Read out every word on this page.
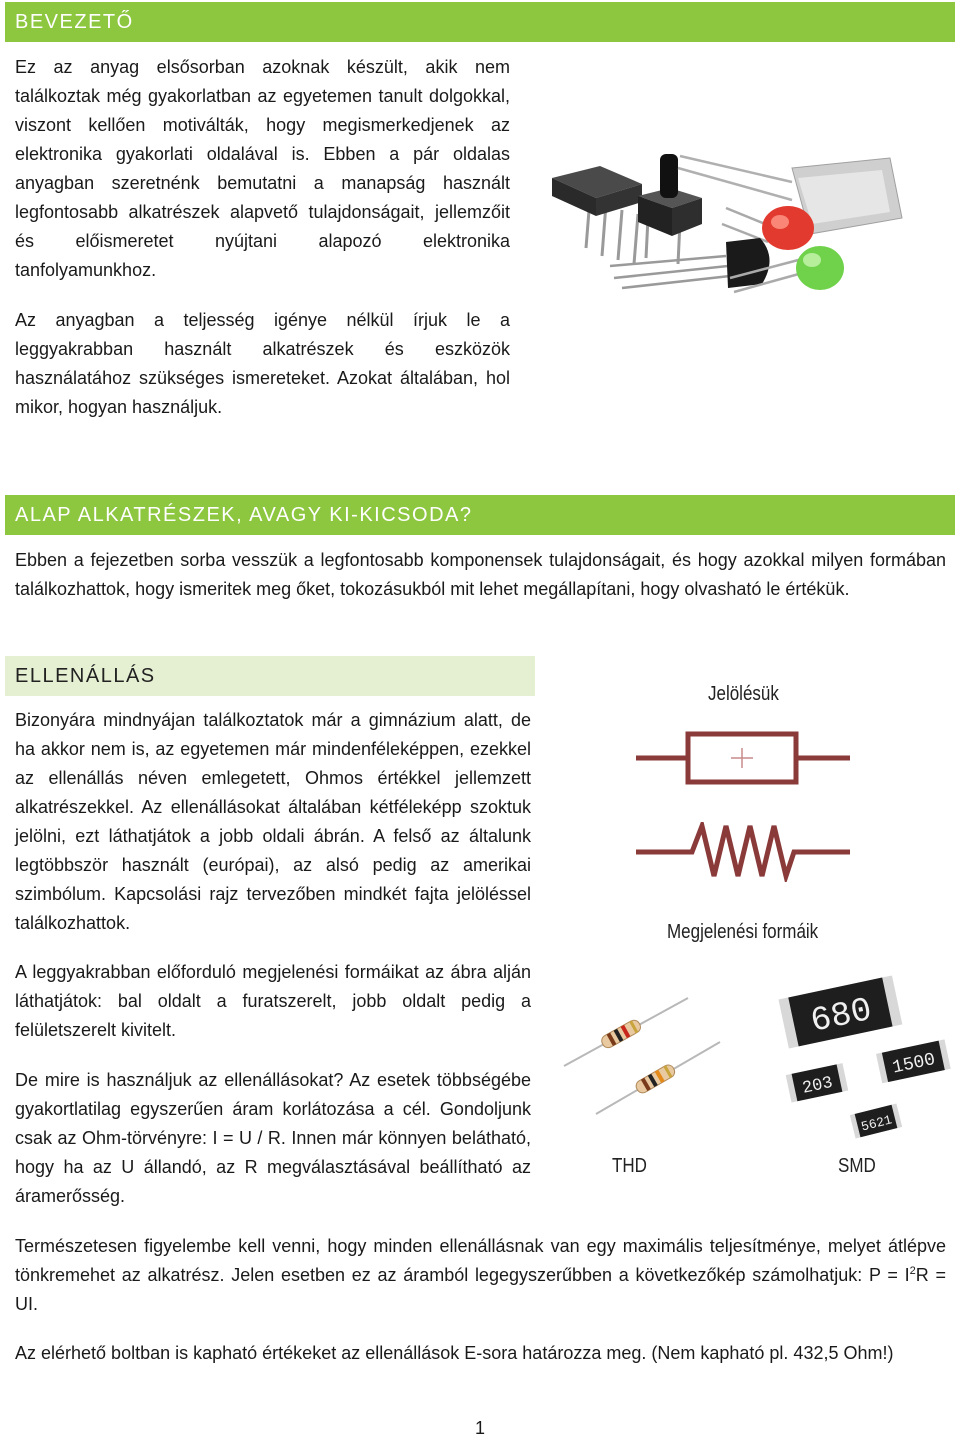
BEVEZETŐ

Ez az anyag elsősorban azoknak készült, akik nem találkoztak még gyakorlatban az egyetemen tanult dolgokkal, viszont kellően motiválták, hogy megismerkedjenek az elektronika gyakorlati oldalával is. Ebben a pár oldalas anyagban szeretnénk bemutatni a manapság használt legfontosabb alkatrészek alapvető tulajdonságait, jellemzőit és előismeretet nyújtani alapozó elektronika tanfolyamunkhoz.

Az anyagban a teljesség igénye nélkül írjuk le a leggyakrabban használt alkatrészek és eszközök használatához szükséges ismereteket. Azokat általában, hol mikor, hogyan használjuk.

ALAP ALKATRÉSZEK, AVAGY KI-KICSODA?

Ebben a fejezetben sorba vesszük a legfontosabb komponensek tulajdonságait, és hogy azokkal milyen formában találkozhattok, hogy ismeritek meg őket, tokozásukból mit lehet megállapítani, hogy olvasható le értékük.

ELLENÁLLÁS

Bizonyára mindnyájan találkoztatok már a gimnázium alatt, de ha akkor nem is, az egyetemen már mindenféleképpen, ezekkel az ellenállás néven emlegetett, Ohmos értékkel jellemzett alkatrészekkel. Az ellenállásokat általában kétféleképp szoktuk jelölni, ezt láthatjátok a jobb oldali ábrán. A felső az általunk legtöbbször használt (európai), az alsó pedig az amerikai szimbólum. Kapcsolási rajz tervezőben mindkét fajta jelöléssel találkozhattok.

A leggyakrabban előforduló megjelenési formáikat az ábra alján láthatjátok: bal oldalt a furatszerelt, jobb oldalt pedig a felületszerelt kivitelt.

De mire is használjuk az ellenállásokat? Az esetek többségébe gyakortlatilag egyszerűen áram korlátozása a cél. Gondoljunk csak az Ohm-törvényre: I = U / R. Innen már könnyen belátható, hogy ha az U állandó, az R megválasztásával beállítható az áramerősség.

Jelölésük
Megjelenési formáik
680
1500
203
5621
THD	SMD

Természetesen figyelembe kell venni, hogy minden ellenállásnak van egy maximális teljesítménye, melyet átlépve tönkremehet az alkatrész. Jelen esetben ez az áramból legegyszerűbben a következőkép számolhatjuk: $P = I^2R$ = UI.

Az elérhető boltban is kapható értékeket az ellenállások E-sora határozza meg. (Nem kapható pl. 432,5 Ohm!)

1
